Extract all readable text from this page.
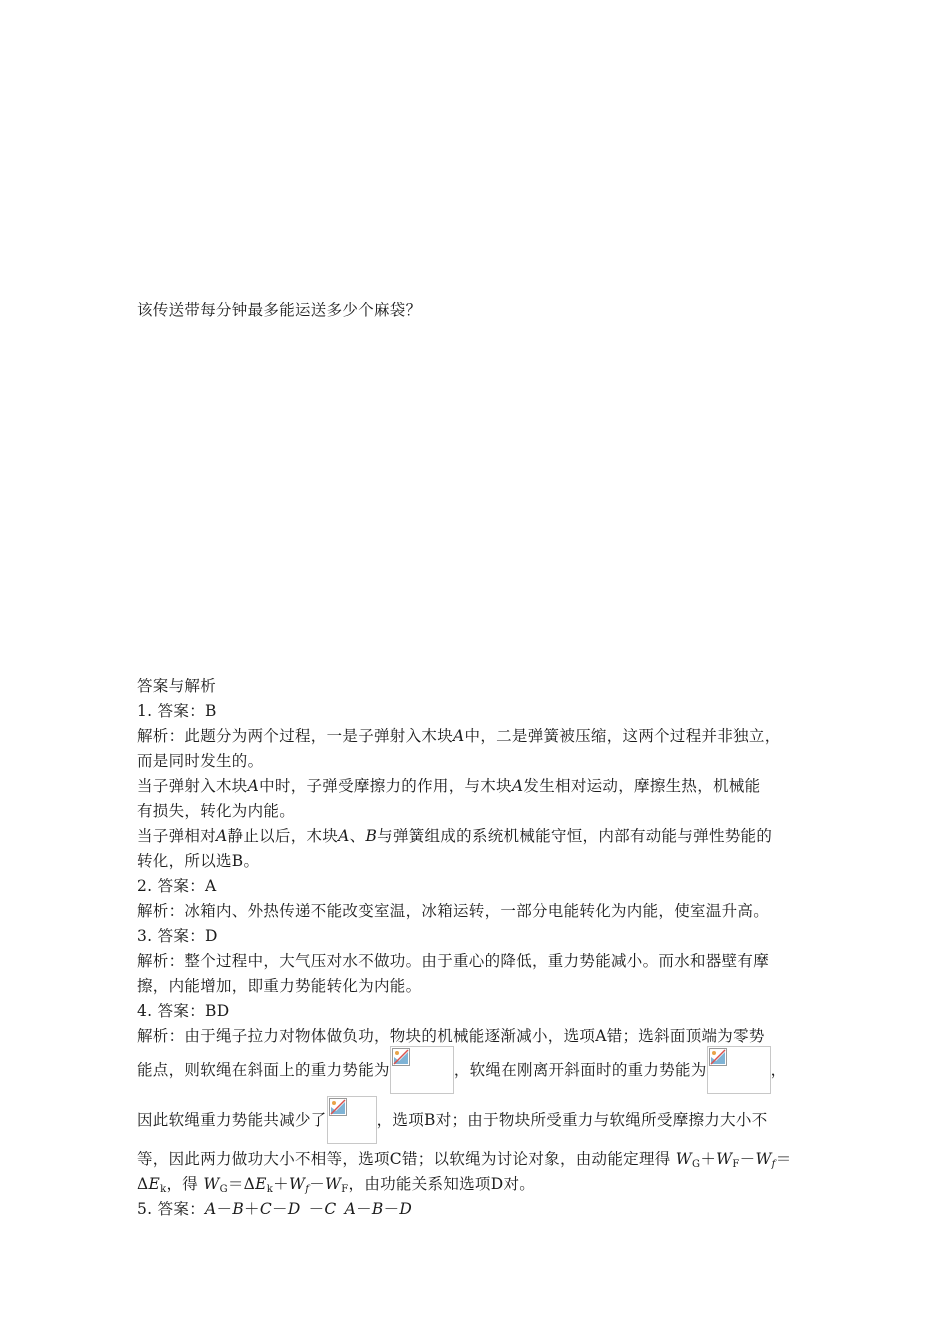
该传送带每分钟最多能运送多少个麻袋？
答案与解析
1. 答案：B
解析：此题分为两个过程，一是子弹射入木块A中，二是弹簧被压缩，这两个过程并非独立，
而是同时发生的。
当子弹射入木块A中时，子弹受摩擦力的作用，与木块A发生相对运动，摩擦生热，机械能
有损失，转化为内能。
当子弹相对A静止以后，木块A、B与弹簧组成的系统机械能守恒，内部有动能与弹性势能的
转化，所以选B。
2. 答案：A
解析：冰箱内、外热传递不能改变室温，冰箱运转，一部分电能转化为内能，使室温升高。
3. 答案：D
解析：整个过程中，大气压对水不做功。由于重心的降低，重力势能减小。而水和器壁有摩
擦，内能增加，即重力势能转化为内能。
4. 答案：BD
解析：由于绳子拉力对物体做负功，物块的机械能逐渐减小，选项A错；选斜面顶端为零势
能点，则软绳在斜面上的重力势能为	，软绳在刚离开斜面时的重力势能为	，
因此软绳重力势能共减少了	，选项B对；由于物块所受重力与软绳所受摩擦力大小不
等，因此两力做功大小不相等，选项C错；以软绳为讨论对象，由动能定理得 $W_G+W_F-W_f=$
$\Delta E_k$，得 $W_G=\Delta E_k+W_f-W_F$，由功能关系知选项D对。
5. 答案：A－B＋C－D －C A－B－D
